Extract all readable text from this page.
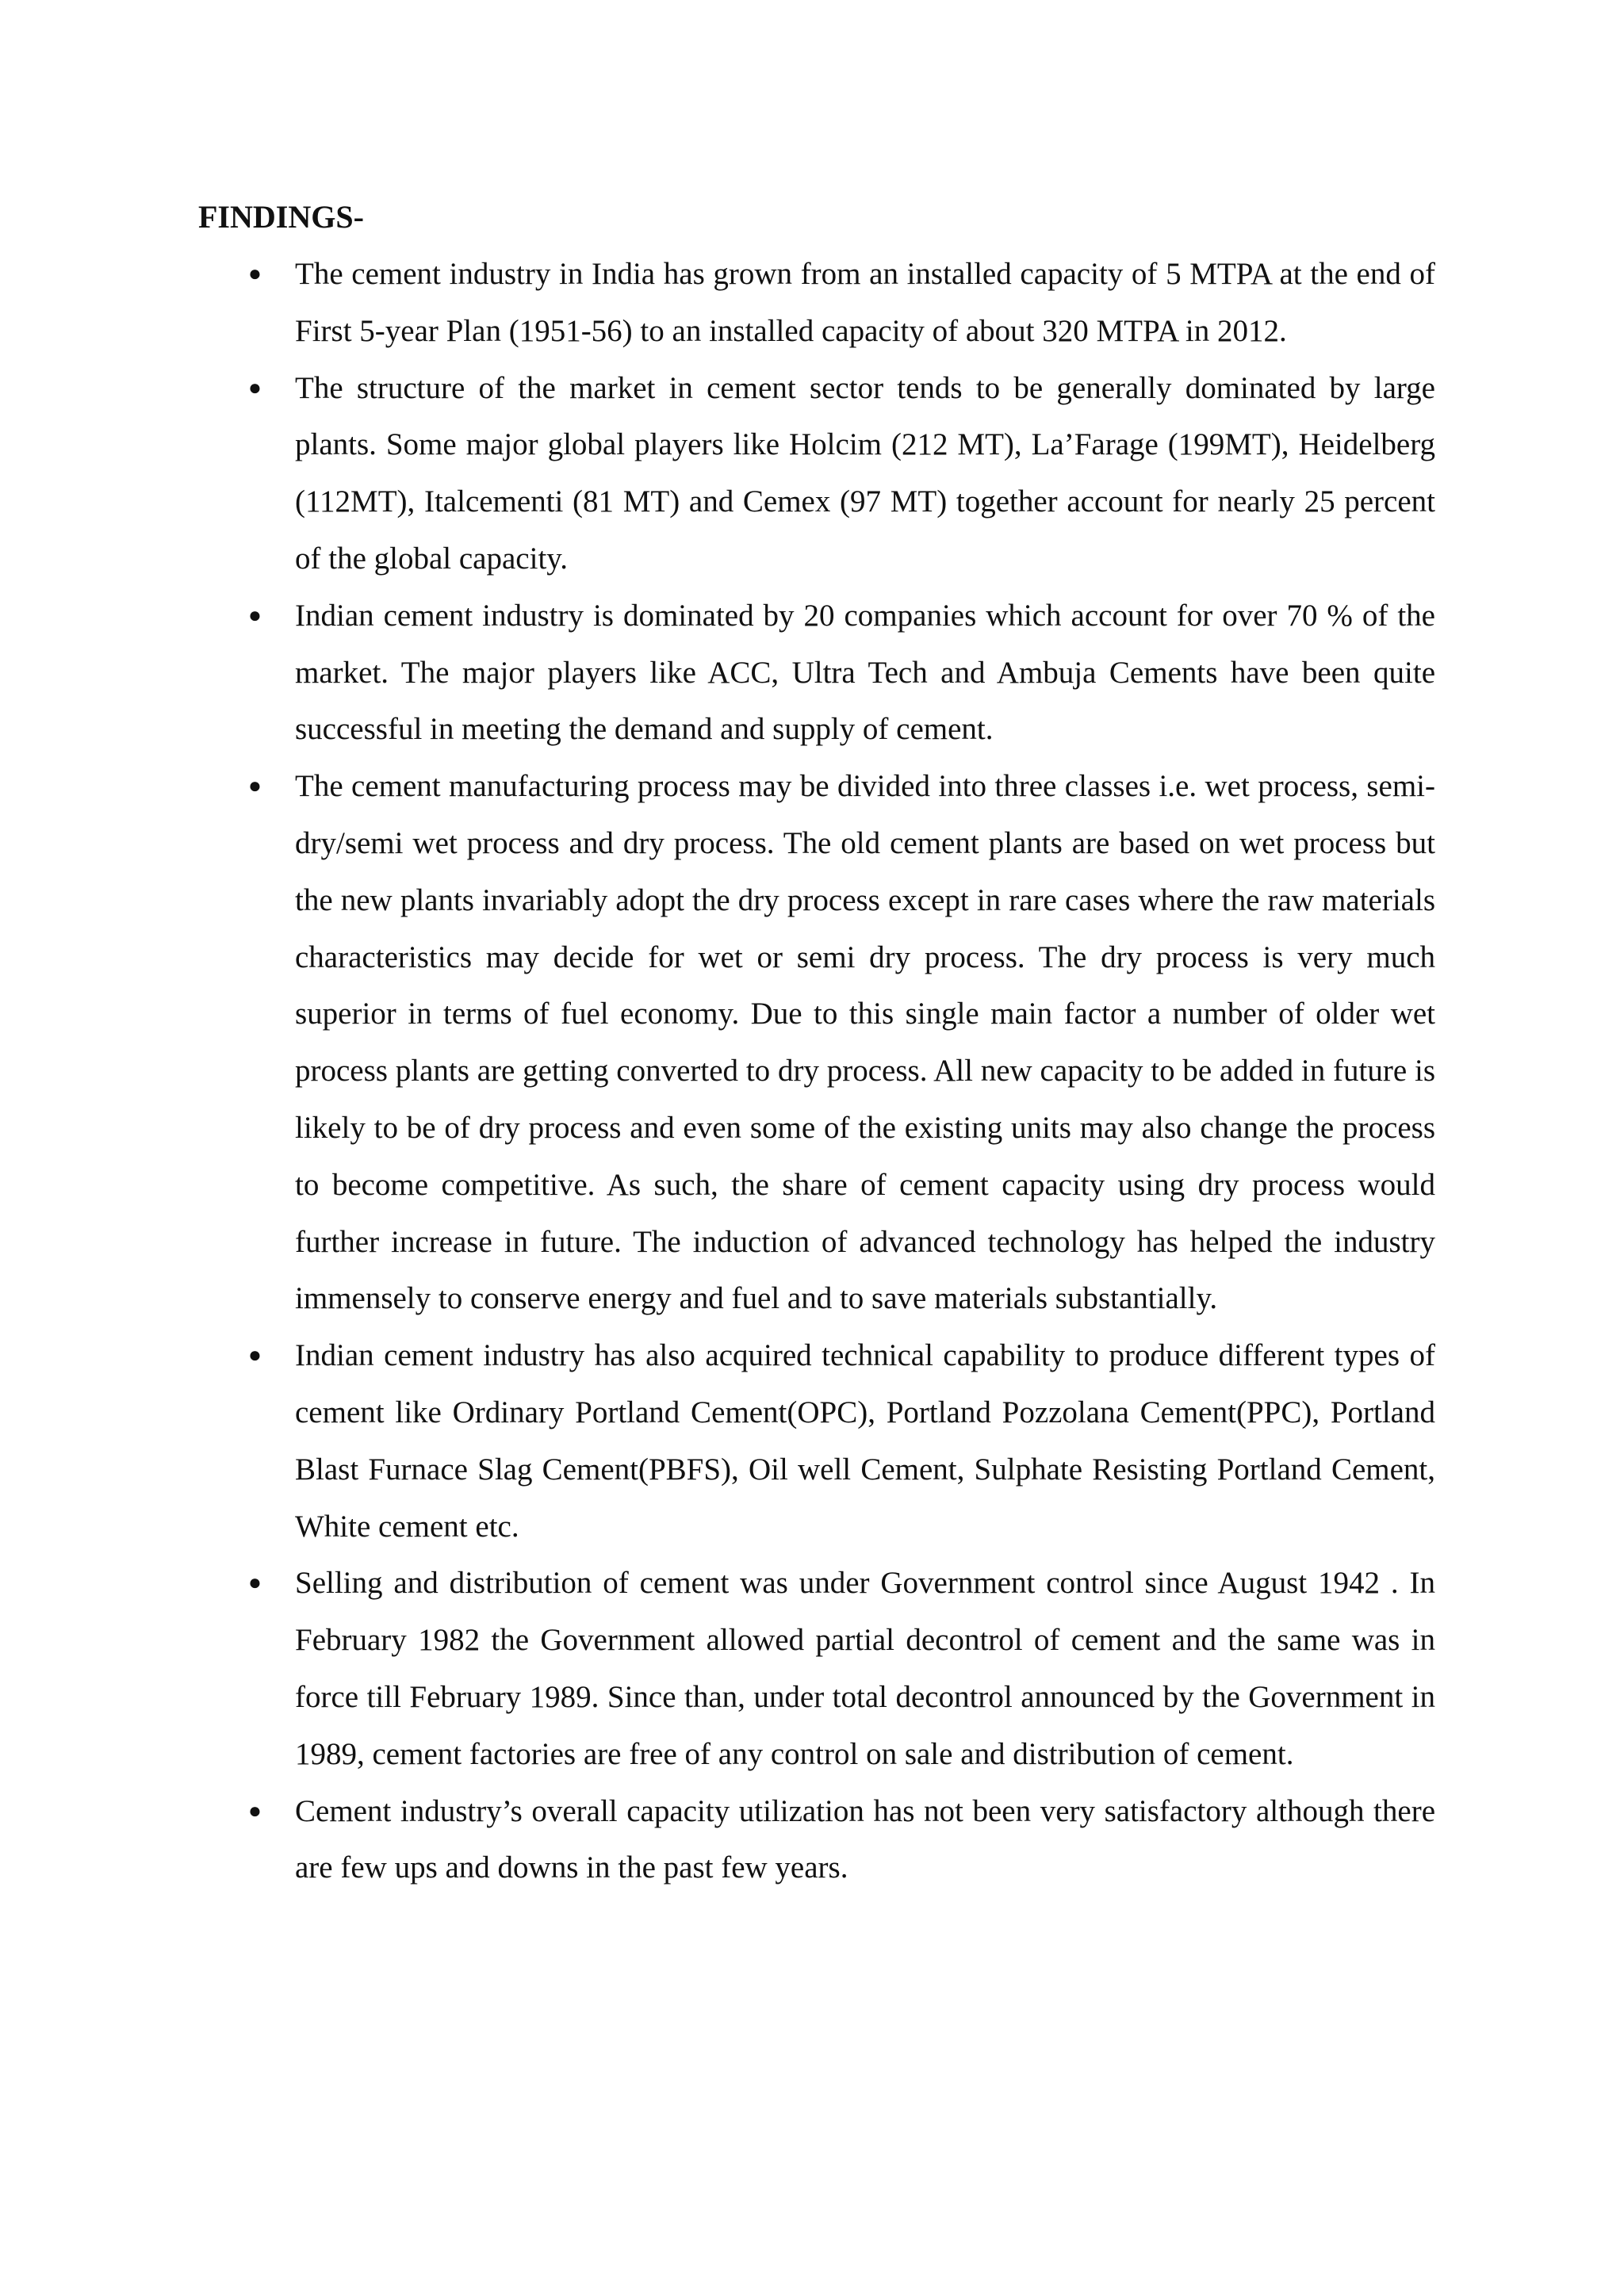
FINDINGS-
● The cement industry in India has grown from an installed capacity of 5 MTPA at the end of First 5-year Plan (1951-56) to an installed capacity of about 320 MTPA in 2012.
● The structure of the market in cement sector tends to be generally dominated by large plants. Some major global players like Holcim (212 MT), La’Farage (199MT), Heidelberg (112MT), Italcementi (81 MT) and Cemex (97 MT) together account for nearly 25 percent of the global capacity.
● Indian cement industry is dominated by 20 companies which account for over 70 % of the market. The major players like ACC, Ultra Tech and Ambuja Cements have been quite successful in meeting the demand and supply of cement.
● The cement manufacturing process may be divided into three classes i.e. wet process, semi-dry/semi wet process and dry process. The old cement plants are based on wet process but the new plants invariably adopt the dry process except in rare cases where the raw materials characteristics may decide for wet or semi dry process. The dry process is very much superior in terms of fuel economy. Due to this single main factor a number of older wet process plants are getting converted to dry process. All new capacity to be added in future is likely to be of dry process and even some of the existing units may also change the process to become competitive. As such, the share of cement capacity using dry process would further increase in future. The induction of advanced technology has helped the industry immensely to conserve energy and fuel and to save materials substantially.
● Indian cement industry has also acquired technical capability to produce different types of cement like Ordinary Portland Cement(OPC), Portland Pozzolana Cement(PPC), Portland Blast Furnace Slag Cement(PBFS), Oil well Cement, Sulphate Resisting Portland Cement, White cement etc.
● Selling and distribution of cement was under Government control since August 1942 . In February 1982 the Government allowed partial decontrol of cement and the same was in force till February 1989. Since than, under total decontrol announced by the Government in 1989, cement factories are free of any control on sale and distribution of cement.
● Cement industry’s overall capacity utilization has not been very satisfactory although there are few ups and downs in the past few years.
